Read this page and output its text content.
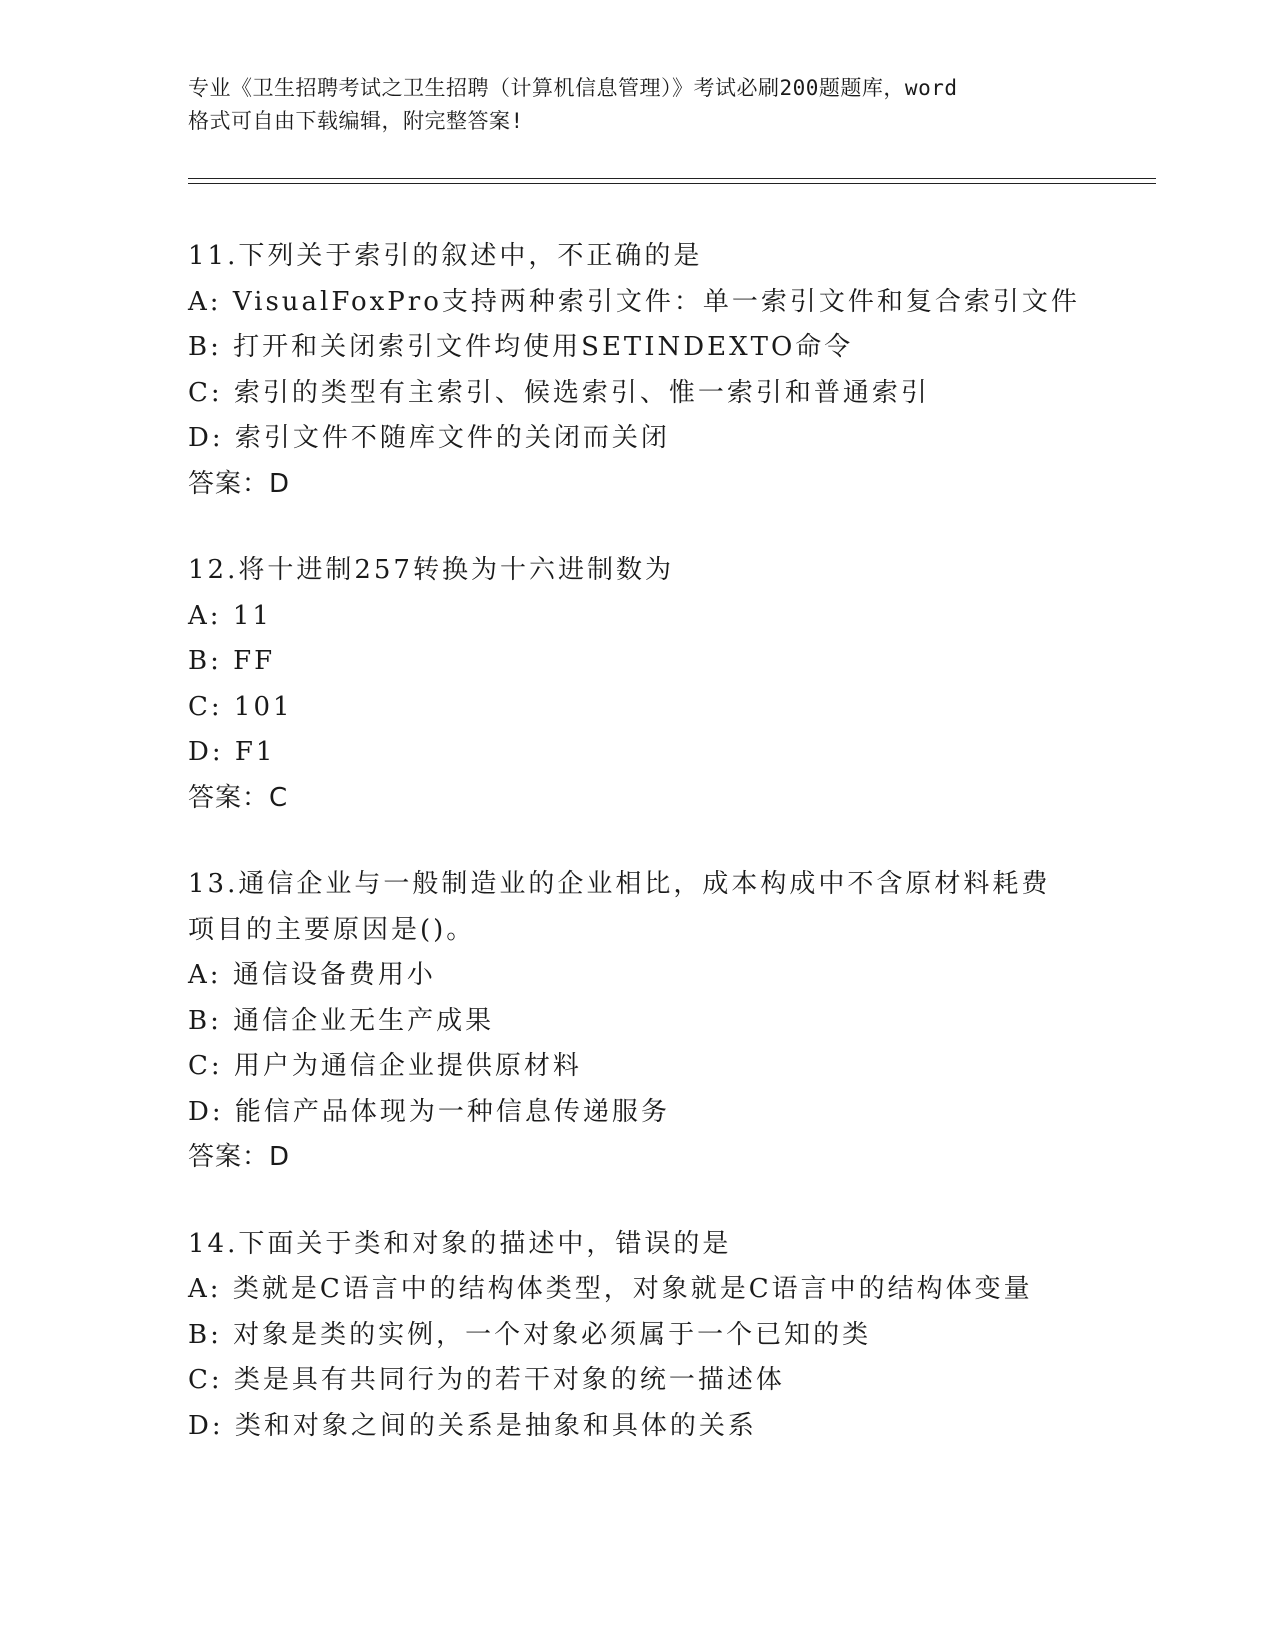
专业《卫生招聘考试之卫生招聘（计算机信息管理）》考试必刷200题题库，word
格式可自由下载编辑，附完整答案!
11.下列关于索引的叙述中，不正确的是
A: VisualFoxPro支持两种索引文件：单一索引文件和复合索引文件
B: 打开和关闭索引文件均使用SETINDEXTO命令
C: 索引的类型有主索引、候选索引、惟一索引和普通索引
D: 索引文件不随库文件的关闭而关闭
答案：D
12.将十进制257转换为十六进制数为
A: 11
B: FF
C: 101
D: F1
答案：C
13.通信企业与一般制造业的企业相比，成本构成中不含原材料耗费项目的主要原因是()。
A: 通信设备费用小
B: 通信企业无生产成果
C: 用户为通信企业提供原材料
D: 能信产品体现为一种信息传递服务
答案：D
14.下面关于类和对象的描述中，错误的是
A: 类就是C语言中的结构体类型，对象就是C语言中的结构体变量
B: 对象是类的实例，一个对象必须属于一个已知的类
C: 类是具有共同行为的若干对象的统一描述体
D: 类和对象之间的关系是抽象和具体的关系
